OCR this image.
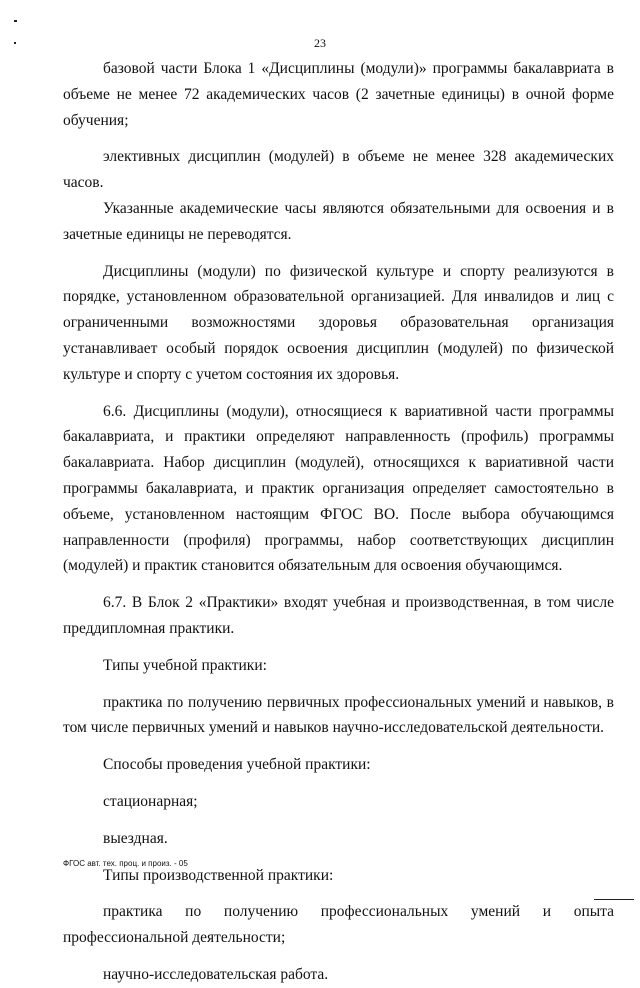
23

базовой части Блока 1 «Дисциплины (модули)» программы бакалавриата в объеме не менее 72 академических часов (2 зачетные единицы) в очной форме обучения;

элективных дисциплин (модулей) в объеме не менее 328 академических часов.

Указанные академические часы являются обязательными для освоения и в зачетные единицы не переводятся.

Дисциплины (модули) по физической культуре и спорту реализуются в порядке, установленном образовательной организацией. Для инвалидов и лиц с ограниченными возможностями здоровья образовательная организация устанавливает особый порядок освоения дисциплин (модулей) по физической культуре и спорту с учетом состояния их здоровья.

6.6. Дисциплины (модули), относящиеся к вариативной части программы бакалавриата, и практики определяют направленность (профиль) программы бакалавриата. Набор дисциплин (модулей), относящихся к вариативной части программы бакалавриата, и практик организация определяет самостоятельно в объеме, установленном настоящим ФГОС ВО. После выбора обучающимся направленности (профиля) программы, набор соответствующих дисциплин (модулей) и практик становится обязательным для освоения обучающимся.

6.7. В Блок 2 «Практики» входят учебная и производственная, в том числе преддипломная практики.

Типы учебной практики:

практика по получению первичных профессиональных умений и навыков, в том числе первичных умений и навыков научно-исследовательской деятельности.

Способы проведения учебной практики:

стационарная;

выездная.

Типы производственной практики:

практика по получению профессиональных умений и опыта профессиональной деятельности;

научно-исследовательская работа.

ФГОС авт. тех. проц. и произ. - 05
